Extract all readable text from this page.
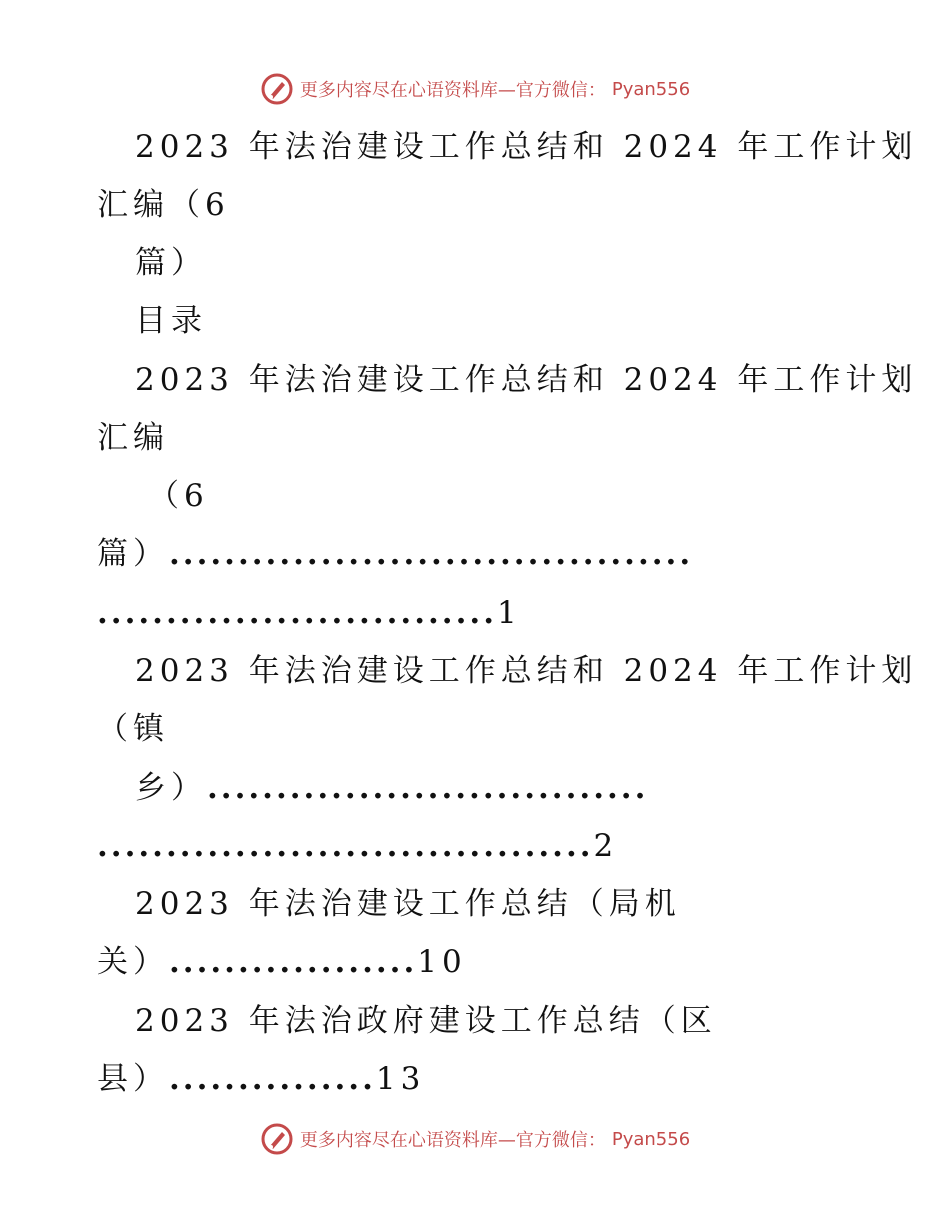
更多内容尽在心语资料库—官方微信： Pyan556
2023 年法治建设工作总结和 2024 年工作计划
汇编（6
篇）
目录
2023 年法治建设工作总结和 2024 年工作计划
汇编
（6
篇）......................................
.............................1
2023 年法治建设工作总结和 2024 年工作计划
（镇
乡）................................
....................................2
2023 年法治建设工作总结（局机
关）..................10
2023 年法治政府建设工作总结（区
县）...............13
更多内容尽在心语资料库—官方微信： Pyan556
